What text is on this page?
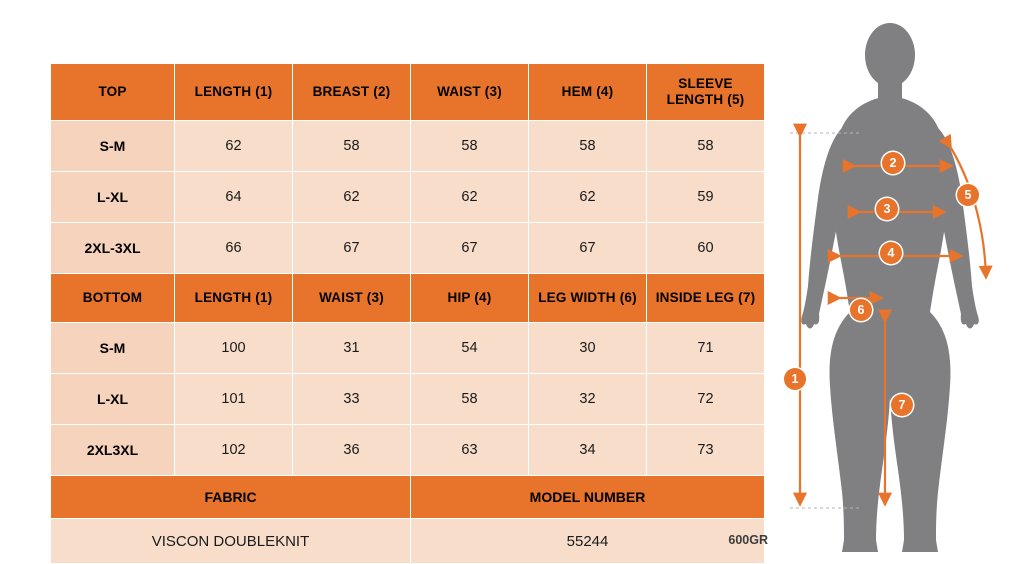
TOP	LENGTH (1)	BREAST (2)	WAIST (3)	HEM (4)	SLEEVE LENGTH (5)
S-M	62	58	58	58	58
L-XL	64	62	62	62	59
2XL-3XL	66	67	67	67	60
BOTTOM	LENGTH (1)	WAIST (3)	HIP (4)	LEG WIDTH (6)	INSIDE LEG (7)
S-M	100	31	54	30	71
L-XL	101	33	58	32	72
2XL3XL	102	36	63	34	73
FABRIC			MODEL NUMBER		
VISCON DOUBLEKNIT			55244			600GR
1
2
3
4
5
6
7
